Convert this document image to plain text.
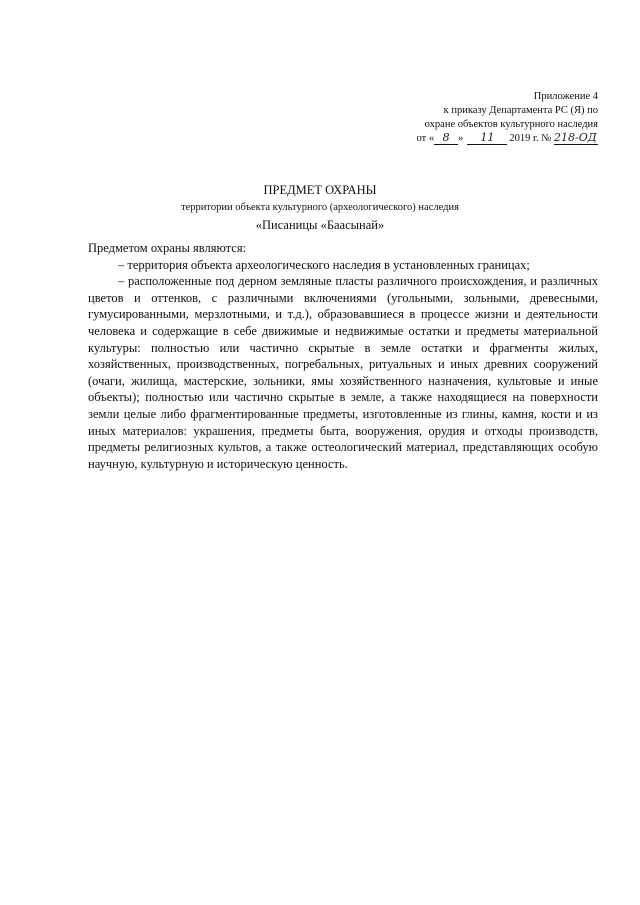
Приложение 4
к приказу Департамента РС (Я) по
охране объектов культурного наследия
от « 8 » 11 2019 г. № 218-ОД
ПРЕДМЕТ ОХРАНЫ
территории объекта культурного (археологического) наследия
«Писаницы «Баасынай»

Предметом охраны являются:

– территория объекта археологического наследия в установленных границах;

– расположенные под дерном земляные пласты различного происхождения, и различных цветов и оттенков, с различными включениями (угольными, зольными, древесными, гумусированными, мерзлотными, и т.д.), образовавшиеся в процессе жизни и деятельности человека и содержащие в себе движимые и недвижимые остатки и предметы материальной культуры: полностью или частично скрытые в земле остатки и фрагменты жилых, хозяйственных, производственных, погребальных, ритуальных и иных древних сооружений (очаги, жилища, мастерские, зольники, ямы хозяйственного назначения, культовые и иные объекты); полностью или частично скрытые в земле, а также находящиеся на поверхности земли целые либо фрагментированные предметы, изготовленные из глины, камня, кости и из иных материалов: украшения, предметы быта, вооружения, орудия и отходы производств, предметы религиозных культов, а также остеологический материал, представляющих особую научную, культурную и историческую ценность.
